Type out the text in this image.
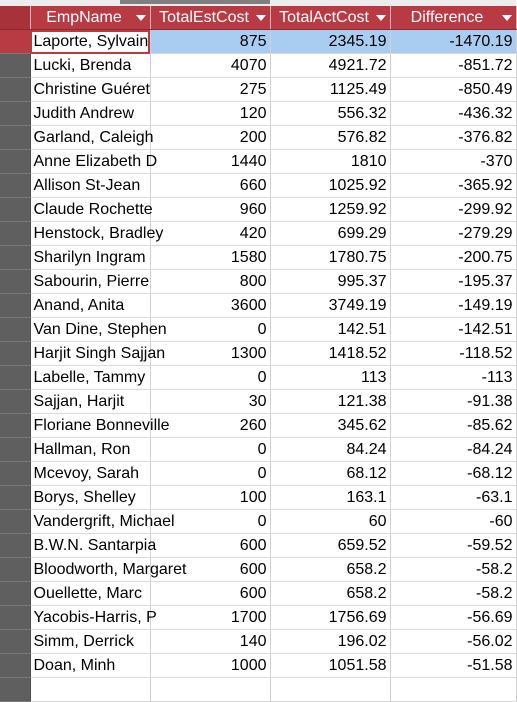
	EmpName	TotalEstCost	TotalActCost	Difference

	Laporte, Sylvain	875	2345.19	-1470.19
	Lucki, Brenda	4070	4921.72	-851.72
	Christine Guéret	275	1125.49	-850.49
	Judith Andrew	120	556.32	-436.32
	Garland, Caleigh	200	576.82	-376.82
	Anne Elizabeth D	1440	1810	-370
	Allison St-Jean	660	1025.92	-365.92
	Claude Rochette	960	1259.92	-299.92
	Henstock, Bradley	420	699.29	-279.29
	Sharilyn Ingram	1580	1780.75	-200.75
	Sabourin, Pierre	800	995.37	-195.37
	Anand, Anita	3600	3749.19	-149.19
	Van Dine, Stephen	0	142.51	-142.51
	Harjit Singh Sajjan	1300	1418.52	-118.52
	Labelle, Tammy	0	113	-113
	Sajjan, Harjit	30	121.38	-91.38
	Floriane Bonneville	260	345.62	-85.62
	Hallman, Ron	0	84.24	-84.24
	Mcevoy, Sarah	0	68.12	-68.12
	Borys, Shelley	100	163.1	-63.1
	Vandergrift, Michael	0	60	-60
	B.W.N. Santarpia	600	659.52	-59.52
	Bloodworth, Margaret	600	658.2	-58.2
	Ouellette, Marc	600	658.2	-58.2
	Yacobis-Harris, P	1700	1756.69	-56.69
	Simm, Derrick	140	196.02	-56.02
	Doan, Minh	1000	1051.58	-51.58
